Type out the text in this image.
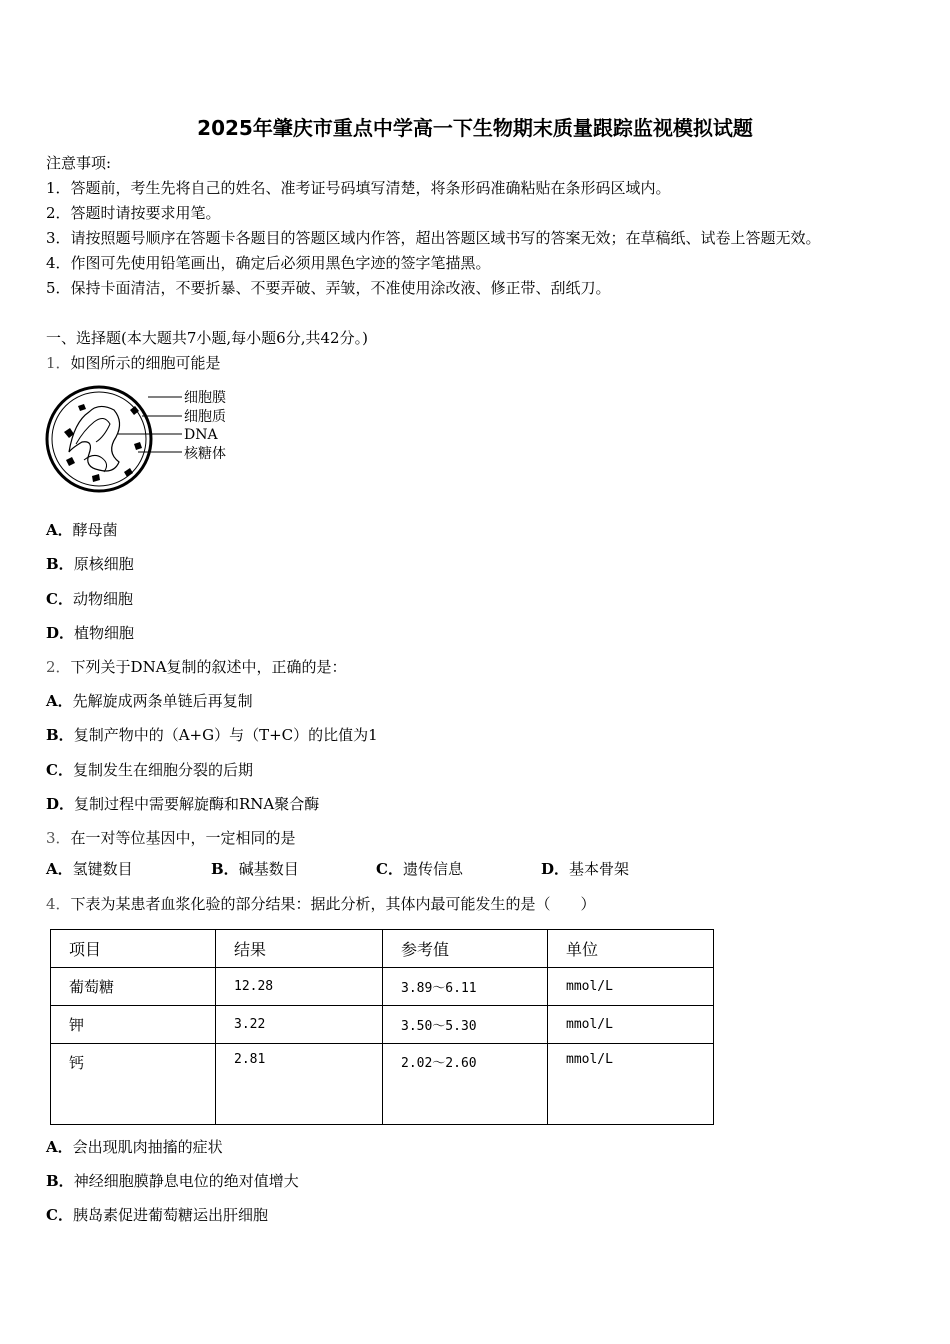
2025年肇庆市重点中学高一下生物期末质量跟踪监视模拟试题
注意事项:
1．答题前，考生先将自己的姓名、准考证号码填写清楚，将条形码准确粘贴在条形码区域内。
2．答题时请按要求用笔。
3．请按照题号顺序在答题卡各题目的答题区域内作答，超出答题区域书写的答案无效；在草稿纸、试卷上答题无效。
4．作图可先使用铅笔画出，确定后必须用黑色字迹的签字笔描黑。
5．保持卡面清洁，不要折暴、不要弄破、弄皱，不准使用涂改液、修正带、刮纸刀。
一、选择题(本大题共7小题,每小题6分,共42分。)
1．如图所示的细胞可能是
细胞膜
细胞质
DNA
核糖体
A．酵母菌
B．原核细胞
C．动物细胞
D．植物细胞
2．下列关于DNA复制的叙述中，正确的是：
A．先解旋成两条单链后再复制
B．复制产物中的（A+G）与（T+C）的比值为1
C．复制发生在细胞分裂的后期
D．复制过程中需要解旋酶和RNA聚合酶
3．在一对等位基因中，一定相同的是
A．氢键数目	B．碱基数目	C．遗传信息	D．基本骨架
4．下表为某患者血浆化验的部分结果：据此分析，其体内最可能发生的是（　　）
项目	结果	参考值	单位
葡萄糖	12.28	3.89～6.11	mmol/L
钾	3.22	3.50～5.30	mmol/L
钙	2.81	2.02～2.60	mmol/L
A．会出现肌肉抽搐的症状
B．神经细胞膜静息电位的绝对值增大
C．胰岛素促进葡萄糖运出肝细胞
